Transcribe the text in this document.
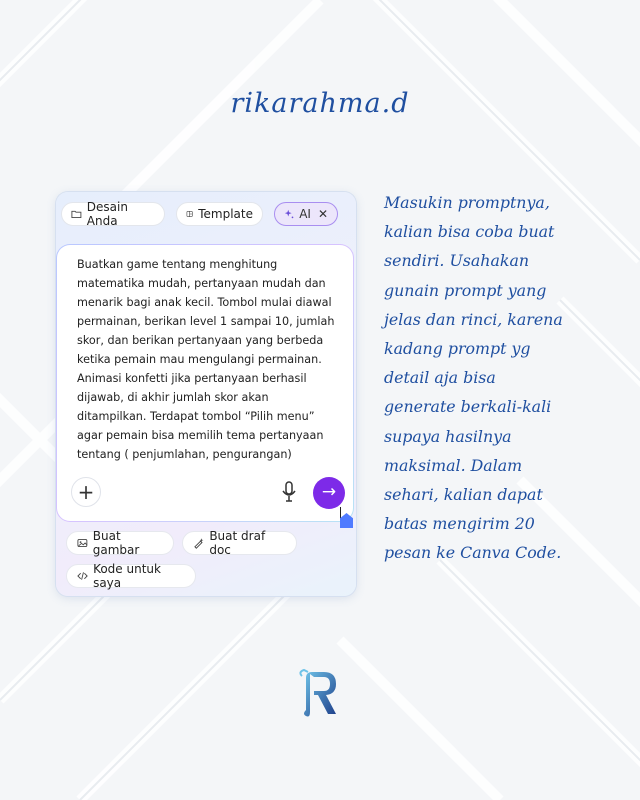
rikarahma.d
Desain Anda	Template	AI ✕
Buatkan game tentang menghitung
matematika mudah, pertanyaan mudah dan
menarik bagi anak kecil. Tombol mulai diawal
permainan, berikan level 1 sampai 10, jumlah
skor, dan berikan pertanyaan yang berbeda
ketika pemain mau mengulangi permainan.
Animasi konfetti jika pertanyaan berhasil
dijawab, di akhir jumlah skor akan
ditampilkan. Terdapat tombol “Pilih menu”
agar pemain bisa memilih tema pertanyaan
tentang ( penjumlahan, pengurangan)
+	→
Buat gambar
Buat draf doc
Kode untuk saya
Masukin promptnya,
kalian bisa coba buat
sendiri. Usahakan
gunain prompt yang
jelas dan rinci, karena
kadang prompt yg
detail aja bisa
generate berkali-kali
supaya hasilnya
maksimal. Dalam
sehari, kalian dapat
batas mengirim 20
pesan ke Canva Code.
